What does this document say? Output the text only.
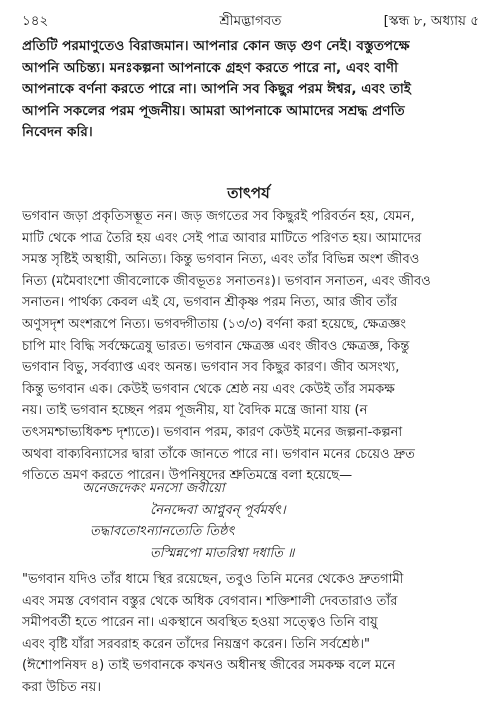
১৪২	শ্রীমদ্ভাগবত	[স্কন্ধ ৮, অধ্যায় ৫
প্রতিটি পরমাণুতেও বিরাজমান। আপনার কোন জড় গুণ নেই। বস্তুতপক্ষে
আপনি অচিন্ত্য। মনঃকল্পনা আপনাকে গ্রহণ করতে পারে না, এবং বাণী
আপনাকে বর্ণনা করতে পারে না। আপনি সব কিছুর পরম ঈশ্বর, এবং তাই
আপনি সকলের পরম পূজনীয়। আমরা আপনাকে আমাদের সশ্রদ্ধ প্রণতি
নিবেদন করি।
তাৎপর্য
ভগবান জড়া প্রকৃতিসম্ভূত নন। জড় জগতের সব কিছুরই পরিবর্তন হয়, যেমন,
মাটি থেকে পাত্র তৈরি হয় এবং সেই পাত্র আবার মাটিতে পরিণত হয়। আমাদের
সমস্ত সৃষ্টিই অস্থায়ী, অনিত্য। কিন্তু ভগবান নিত্য, এবং তাঁর বিভিন্ন অংশ জীবও
নিত্য (মমৈবাংশো জীবলোকে জীবভূতঃ সনাতনঃ)। ভগবান সনাতন, এবং জীবও
সনাতন। পার্থক্য কেবল এই যে, ভগবান শ্রীকৃষ্ণ পরম নিত্য, আর জীব তাঁর
অণুসদৃশ অংশরূপে নিত্য। ভগবদ্গীতায় (১৩/৩) বর্ণনা করা হয়েছে, ক্ষেত্রজ্ঞং
চাপি মাং বিদ্ধি সর্বক্ষেত্রেষু ভারত। ভগবান ক্ষেত্রজ্ঞ এবং জীবও ক্ষেত্রজ্ঞ, কিন্তু
ভগবান বিভু, সর্বব্যাপ্ত এবং অনন্ত। ভগবান সব কিছুর কারণ। জীব অসংখ্য,
কিন্তু ভগবান এক। কেউই ভগবান থেকে শ্রেষ্ঠ নয় এবং কেউই তাঁর সমকক্ষ
নয়। তাই ভগবান হচ্ছেন পরম পূজনীয়, যা বৈদিক মন্ত্রে জানা যায় (ন
তৎসমশ্চাভ্যধিকশ্চ দৃশ্যতে)। ভগবান পরম, কারণ কেউই মনের জল্পনা-কল্পনা
অথবা বাক্যবিন্যাসের দ্বারা তাঁকে জানতে পারে না। ভগবান মনের চেয়েও দ্রুত
গতিতে ভ্রমণ করতে পারেন। উপনিষদের শ্রুতিমন্ত্রে বলা হয়েছে—
অনেজদেকং মনসো জবীয়ো
নৈনদ্দেবা আপ্নুবন্ পূর্বমর্ষৎ।
তদ্ধাবতোঽন্যানত্যেতি তিষ্ঠৎ
তস্মিন্নপো মাতরিশ্বা দধাতি ॥
"ভগবান যদিও তাঁর ধামে স্থির রয়েছেন, তবুও তিনি মনের থেকেও দ্রুতগামী
এবং সমস্ত বেগবান বস্তুর থেকে অধিক বেগবান। শক্তিশালী দেবতারাও তাঁর
সমীপবর্তী হতে পারেন না। একস্থানে অবস্থিত হওয়া সত্ত্বেও তিনি বায়ু
এবং বৃষ্টি যাঁরা সরবরাহ করেন তাঁদের নিয়ন্ত্রণ করেন। তিনি সর্বশ্রেষ্ঠ।"
(ঈশোপনিষদ ৪) তাই ভগবানকে কখনও অধীনস্থ জীবের সমকক্ষ বলে মনে
করা উচিত নয়।
